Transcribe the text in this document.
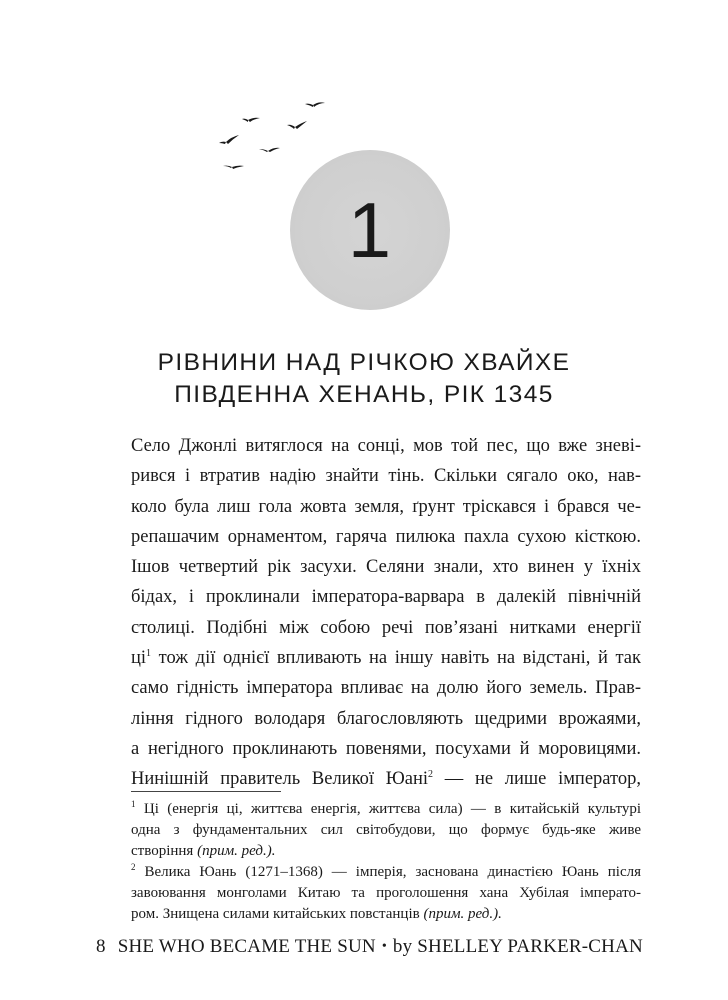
1
РІВНИНИ НАД РІЧКОЮ ХВАЙХЕ
ПІВДЕННА ХЕНАНЬ, РІК 1345
Село Джонлі витяглося на сонці, мов той пес, що вже зневі-
рився і втратив надію знайти тінь. Скільки сягало око, нав-
коло була лиш гола жовта земля, ґрунт тріскався і брався че-
репашачим орнаментом, гаряча пилюка пахла сухою кісткою.
Ішов четвертий рік засухи. Селяни знали, хто винен у їхніх
бідах, і проклинали імператора-варвара в далекій північній
столиці. Подібні між собою речі пов’язані нитками енергії
$ці^1$ тож дії однієї впливають на іншу навіть на відстані, й так
само гідність імператора впливає на долю його земель. Прав-
ління гідного володаря благословляють щедрими врожаями,
а негідного проклинають повенями, посухами й моровицями.
Нинішній правитель Великої Юані$^2$ — не лише імператор,
$^1$ Ці (енергія ці, життєва енергія, життєва сила) — в китайській культурі
одна з фундаментальних сил світобудови, що формує будь-яке живе
створіння (прим. ред.).
$^2$ Велика Юань (1271–1368) — імперія, заснована династією Юань після
завоювання монголами Китаю та проголошення хана Хубілая імперато-
ром. Знищена силами китайських повстанців (прим. ред.).
8 SHE WHO BECAME THE SUN • by SHELLEY PARKER-CHAN
